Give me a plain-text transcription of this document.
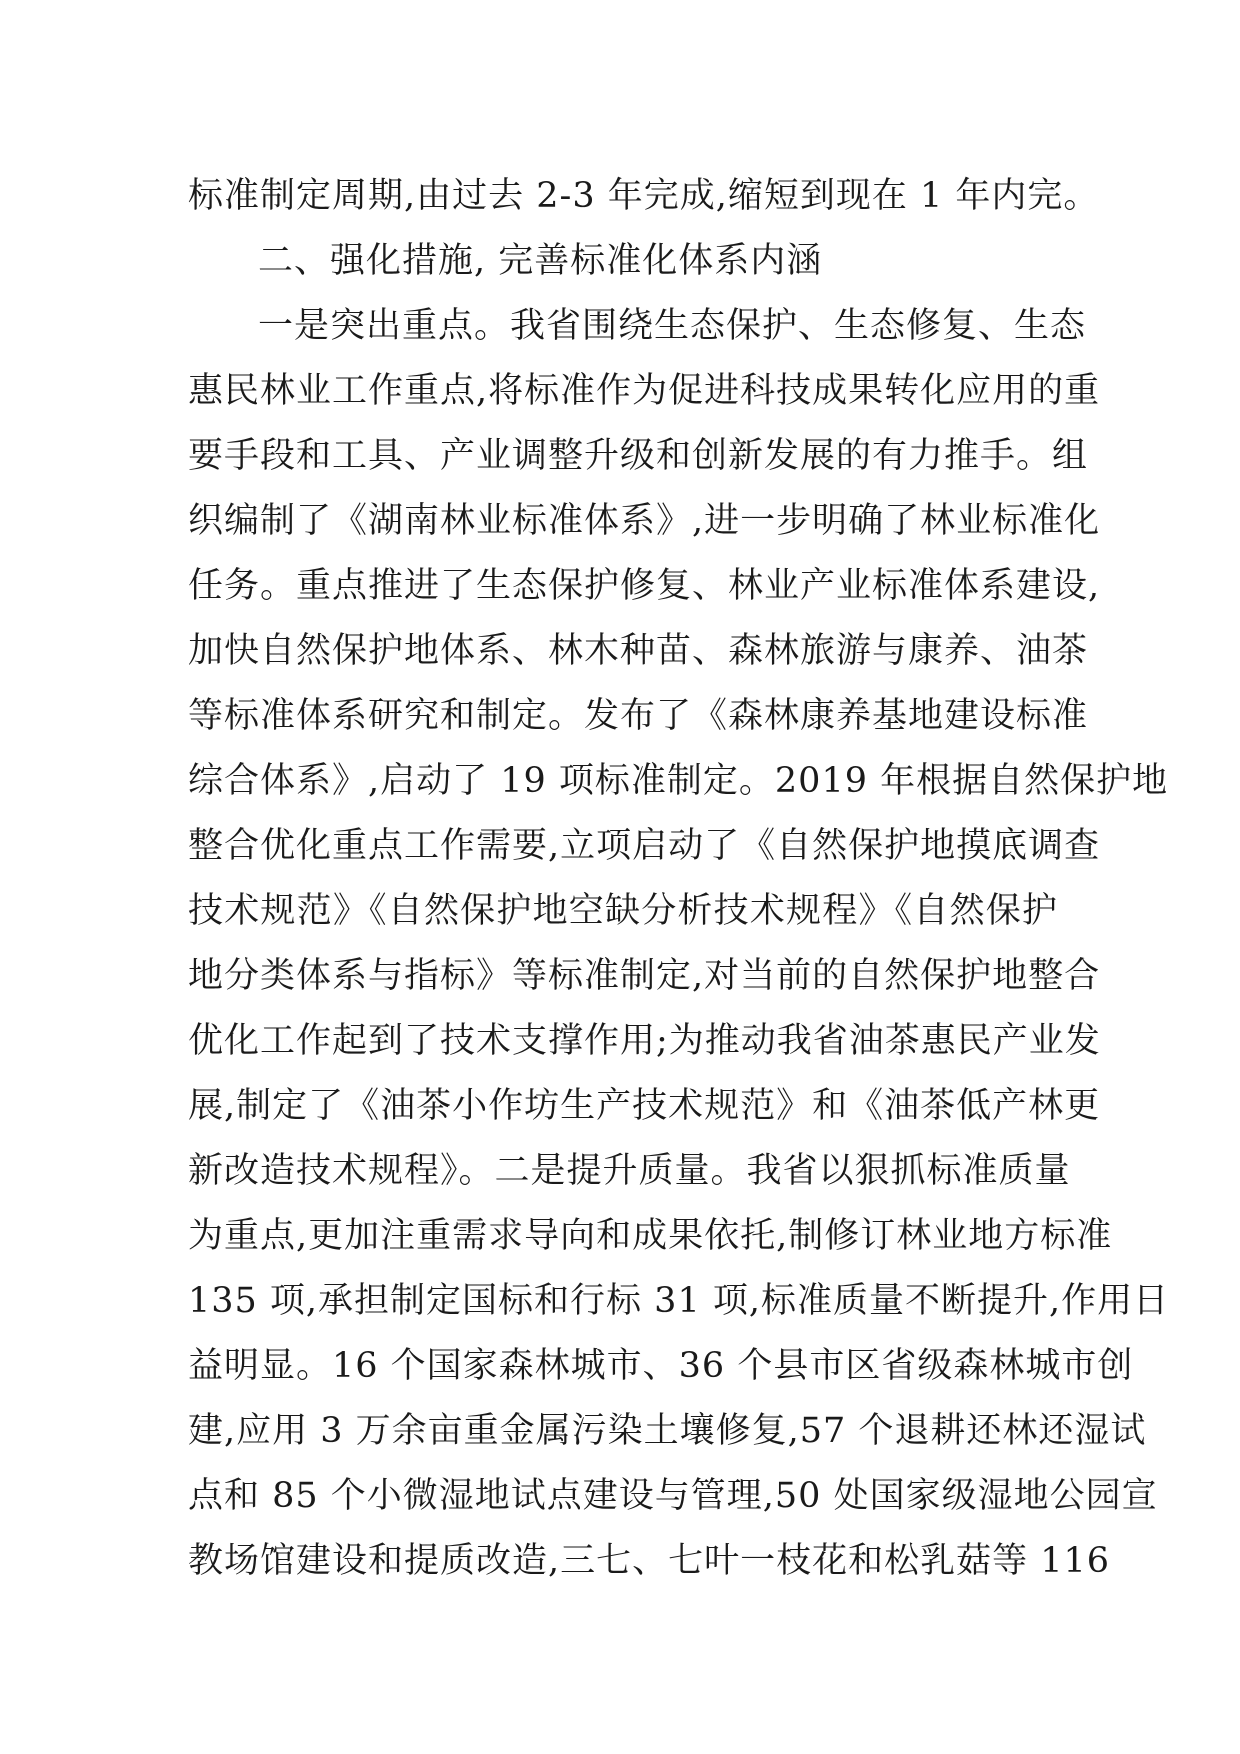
标准制定周期,由过去 2-3 年完成,缩短到现在 1 年内完。
二、强化措施, 完善标准化体系内涵
一是突出重点。我省围绕生态保护、生态修复、生态
惠民林业工作重点,将标准作为促进科技成果转化应用的重
要手段和工具、产业调整升级和创新发展的有力推手。组
织编制了《湖南林业标准体系》,进一步明确了林业标准化
任务。重点推进了生态保护修复、林业产业标准体系建设,
加快自然保护地体系、林木种苗、森林旅游与康养、油茶
等标准体系研究和制定。发布了《森林康养基地建设标准
综合体系》,启动了 19 项标准制定。2019 年根据自然保护地
整合优化重点工作需要,立项启动了《自然保护地摸底调查
技术规范》《自然保护地空缺分析技术规程》《自然保护
地分类体系与指标》等标准制定,对当前的自然保护地整合
优化工作起到了技术支撑作用;为推动我省油茶惠民产业发
展,制定了《油茶小作坊生产技术规范》和《油茶低产林更
新改造技术规程》。二是提升质量。我省以狠抓标准质量
为重点,更加注重需求导向和成果依托,制修订林业地方标准
135 项,承担制定国标和行标 31 项,标准质量不断提升,作用日
益明显。16 个国家森林城市、36 个县市区省级森林城市创
建,应用 3 万余亩重金属污染土壤修复,57 个退耕还林还湿试
点和 85 个小微湿地试点建设与管理,50 处国家级湿地公园宣
教场馆建设和提质改造,三七、七叶一枝花和松乳菇等 116
